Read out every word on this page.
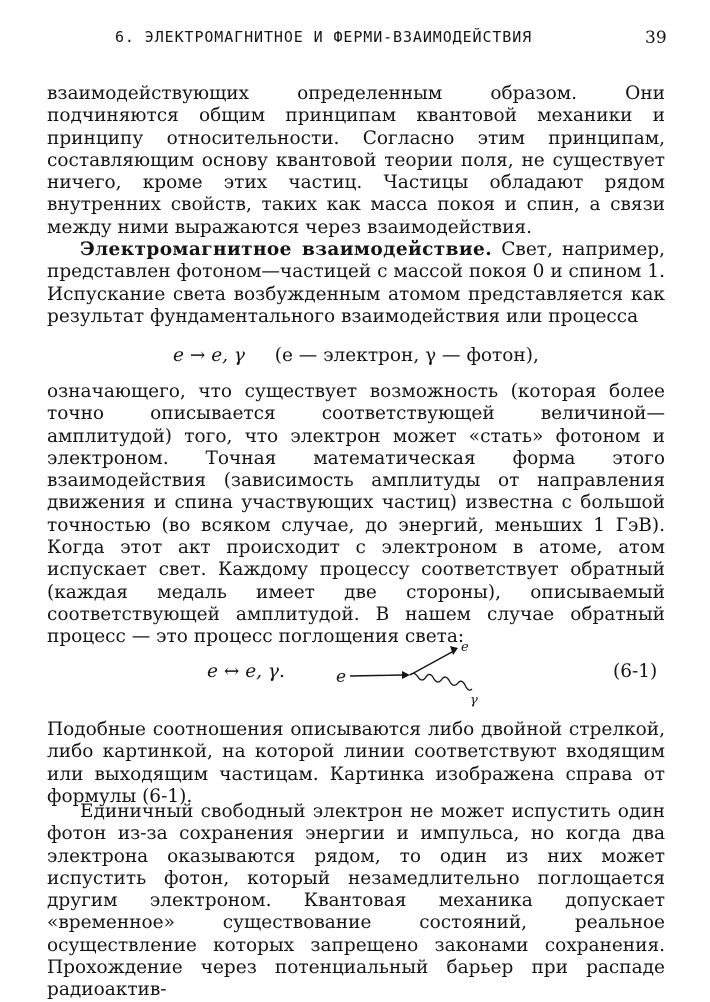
6. ЭЛЕКТРОМАГНИТНОЕ И ФЕРМИ-ВЗАИМОДЕЙСТВИЯ	39

взаимодействующих определенным образом. Они подчиняются общим принципам квантовой механики и принципу относительности. Согласно этим принципам, составляющим основу квантовой теории поля, не существует ничего, кроме этих частиц. Частицы обладают рядом внутренних свойств, таких как масса покоя и спин, а связи между ними выражаются через взаимодействия.

Электромагнитное взаимодействие. Свет, например, представлен фотоном—частицей с массой покоя 0 и спином 1. Испускание света возбужденным атомом представляется как результат фундаментального взаимодействия или процесса

e → e, γ (e — электрон, γ — фотон),

означающего, что существует возможность (которая более точно описывается соответствующей величиной—амплитудой) того, что электрон может «стать» фотоном и электроном. Точная математическая форма этого взаимодействия (зависимость амплитуды от направления движения и спина участвующих частиц) известна с большой точностью (во всяком случае, до энергий, меньших 1 ГэВ). Когда этот акт происходит с электроном в атоме, атом испускает свет. Каждому процессу соответствует обратный (каждая медаль имеет две стороны), описываемый соответствующей амплитудой. В нашем случае обратный процесс — это процесс поглощения света:

e ↔ e, γ.	e
e
γ
(6-1)

Подобные соотношения описываются либо двойной стрелкой, либо картинкой, на которой линии соответствуют входящим или выходящим частицам. Картинка изображена справа от формулы (6-1).

Единичный свободный электрон не может испустить один фотон из-за сохранения энергии и импульса, но когда два электрона оказываются рядом, то один из них может испустить фотон, который незамедлительно поглощается другим электроном. Квантовая механика допускает «временное» существование состояний, реальное осуществление которых запрещено законами сохранения. Прохождение через потенциальный барьер при распаде радиоактив-
